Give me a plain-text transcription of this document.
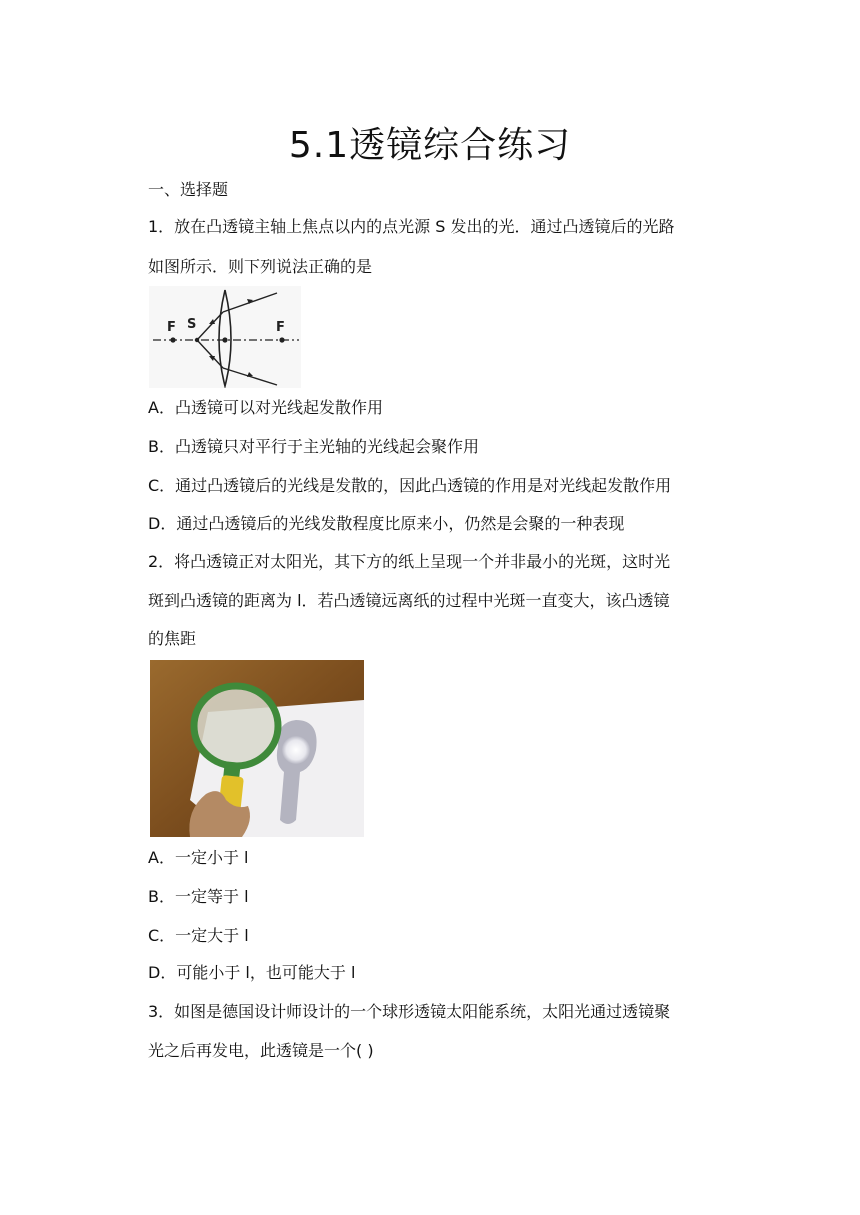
5.1透镜综合练习
一、选择题
1．放在凸透镜主轴上焦点以内的点光源 S 发出的光．通过凸透镜后的光路
如图所示．则下列说法正确的是
F S	F
A．凸透镜可以对光线起发散作用
B．凸透镜只对平行于主光轴的光线起会聚作用
C．通过凸透镜后的光线是发散的，因此凸透镜的作用是对光线起发散作用
D．通过凸透镜后的光线发散程度比原来小，仍然是会聚的一种表现
2．将凸透镜正对太阳光，其下方的纸上呈现一个并非最小的光斑，这时光
斑到凸透镜的距离为 l．若凸透镜远离纸的过程中光斑一直变大，该凸透镜
的焦距
A．一定小于 l
B．一定等于 l
C．一定大于 l
D．可能小于 l，也可能大于 l
3．如图是德国设计师设计的一个球形透镜太阳能系统，太阳光通过透镜聚
光之后再发电，此透镜是一个( )
